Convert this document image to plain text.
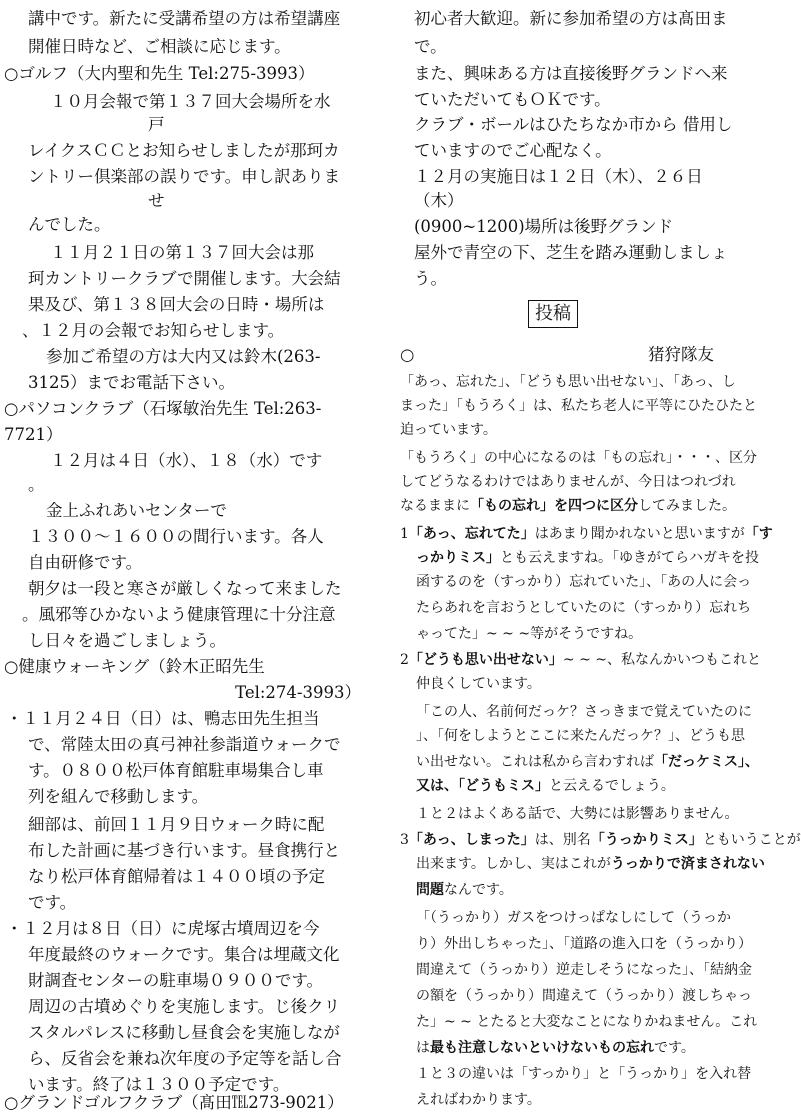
講中です。新たに受講希望の方は希望講座
開催日時など、ご相談に応じます。
○ゴルフ（大内聖和先生 Tel:275-3993）
１０月会報で第１３７回大会場所を水
戸
レイクスＣＣとお知らせしましたが那珂カ
ントリー倶楽部の誤りです。申し訳ありま
せ
んでした。
１１月２１日の第１３７回大会は那
珂カントリークラブで開催します。大会結
果及び、第１３８回大会の日時・場所は
、１２月の会報でお知らせします。
参加ご希望の方は大内又は鈴木(263-
3125）までお電話下さい。
○パソコンクラブ（石塚敏治先生 Tel:263-
7721）
１２月は４日（水）、１８（水）です
。
金上ふれあいセンターで
１３００～１６００の間行います。各人
自由研修です。
朝夕は一段と寒さが厳しくなって来ました
。風邪等ひかないよう健康管理に十分注意
し日々を過ごしましょう。
○健康ウォーキング（鈴木正昭先生
Tel:274-3993）
・１１月２４日（日）は、鴨志田先生担当
で、常陸太田の真弓神社参詣道ウォークで
す。０８００松戸体育館駐車場集合し車
列を組んで移動します。
細部は、前回１１月９日ウォーク時に配
布した計画に基づき行います。昼食携行と
なり松戸体育館帰着は１４００頃の予定
です。
・１２月は８日（日）に虎塚古墳周辺を今
年度最終のウォークです。集合は埋蔵文化
財調査センターの駐車場０９００です。
周辺の古墳めぐりを実施します。じ後クリ
スタルパレスに移動し昼食会を実施しなが
ら、反省会を兼ね次年度の予定等を話し合
います。終了は１３００予定です。
○グランドゴルフクラブ（髙田℡273-9021）
初心者大歓迎。新に参加希望の方は髙田ま
で。
また、興味ある方は直接後野グランドへ来
ていただいてもＯＫです。
クラブ・ボールはひたちなか市から 借用し
ていますのでご心配なく。
１２月の実施日は１２日（木）、２６日
（木）
(0900~1200)場所は後野グランド
屋外で青空の下、芝生を踏み運動しましょ
う。
投稿
○	猪狩隊友
「あっ、忘れた」、「どうも思い出せない」、「あっ、し
まった」「もうろく」は、私たち老人に平等にひたひたと
迫っています。
「もうろく」の中心になるのは「もの忘れ」・・・、区分
してどうなるわけではありませんが、今日はつれづれ
なるままに「もの忘れ」を四つに区分してみました。
1「あっ、忘れてた」はあまり聞かれないと思いますが「す
っかりミス」とも云えますね。「ゆきがてらハガキを投
函するのを（すっかり）忘れていた」、「あの人に会っ
たらあれを言おうとしていたのに（すっかり）忘れち
ゃってた」~ ~ ~等がそうですね。
2「どうも思い出せない」~ ~ ~、私なんかいつもこれと
仲良くしています。
「この人、名前何だっケ？さっきまで覚えていたのに
」、「何をしようとここに来たんだっケ？」、どうも思
い出せない。これは私から言わすれば「だっケミス」、
又は、「どうもミス」と云えるでしょう。
１と２はよくある話で、大勢には影響ありません。
3「あっ、しまった」は、別名「うっかりミス」ともいうことが
出来ます。しかし、実はこれがうっかりで済まされない
問題なんです。
「（うっかり）ガスをつけっぱなしにして（うっか
り）外出しちゃった」、「道路の進入口を（うっかり）
間違えて（うっかり）逆走しそうになった」、「結納金
の額を（うっかり）間違えて（うっかり）渡しちゃっ
た」~ ~ とたると大変なことになりかねません。これ
は最も注意しないといけないもの忘れです。
１と３の違いは「すっかり」と「うっかり」を入れ替
えればわかります。
